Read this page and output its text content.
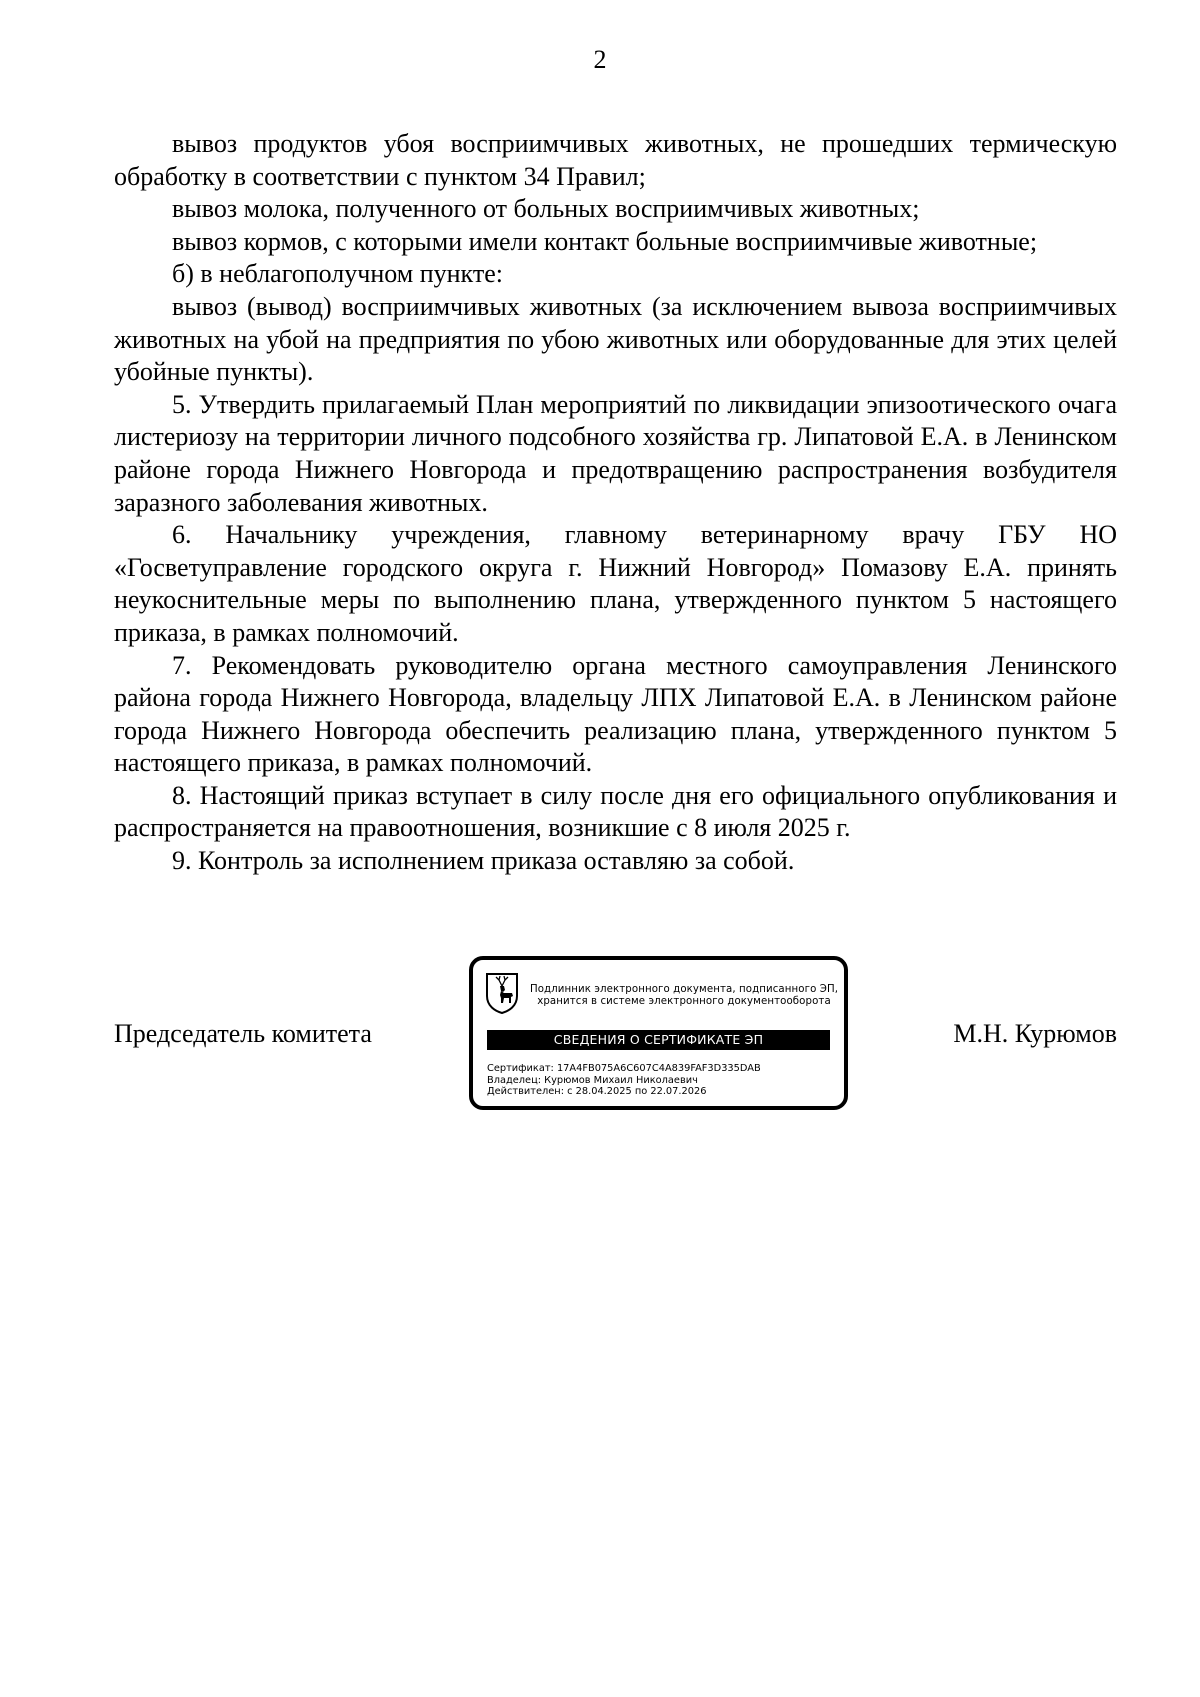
2

вывоз продуктов убоя восприимчивых животных, не прошедших термическую обработку в соответствии с пунктом 34 Правил;

вывоз молока, полученного от больных восприимчивых животных;

вывоз кормов, с которыми имели контакт больные восприимчивые животные;

б) в неблагополучном пункте:

вывоз (вывод) восприимчивых животных (за исключением вывоза восприимчивых животных на убой на предприятия по убою животных или оборудованные для этих целей убойные пункты).

5. Утвердить прилагаемый План мероприятий по ликвидации эпизоотического очага листериозу на территории личного подсобного хозяйства гр. Липатовой Е.А. в Ленинском районе города Нижнего Новгорода и предотвращению распространения возбудителя заразного заболевания животных.

6. Начальнику учреждения, главному ветеринарному врачу ГБУ НО «Госветуправление городского округа г. Нижний Новгород» Помазову Е.А. принять неукоснительные меры по выполнению плана, утвержденного пунктом 5 настоящего приказа, в рамках полномочий.

7. Рекомендовать руководителю органа местного самоуправления Ленинского района города Нижнего Новгорода, владельцу ЛПХ Липатовой Е.А. в Ленинском районе города Нижнего Новгорода обеспечить реализацию плана, утвержденного пунктом 5 настоящего приказа, в рамках полномочий.

8. Настоящий приказ вступает в силу после дня его официального опубликования и распространяется на правоотношения, возникшие с 8 июля 2025 г.

9. Контроль за исполнением приказа оставляю за собой.

Председатель комитета	М.Н. Курюмов
Подлинник электронного документа, подписанного ЭП,
хранится в системе электронного документооборота
СВЕДЕНИЯ О СЕРТИФИКАТЕ ЭП
Сертификат: 17A4FB075A6C607C4A839FAF3D335DAB
Владелец: Курюмов Михаил Николаевич
Действителен: с 28.04.2025 по 22.07.2026
